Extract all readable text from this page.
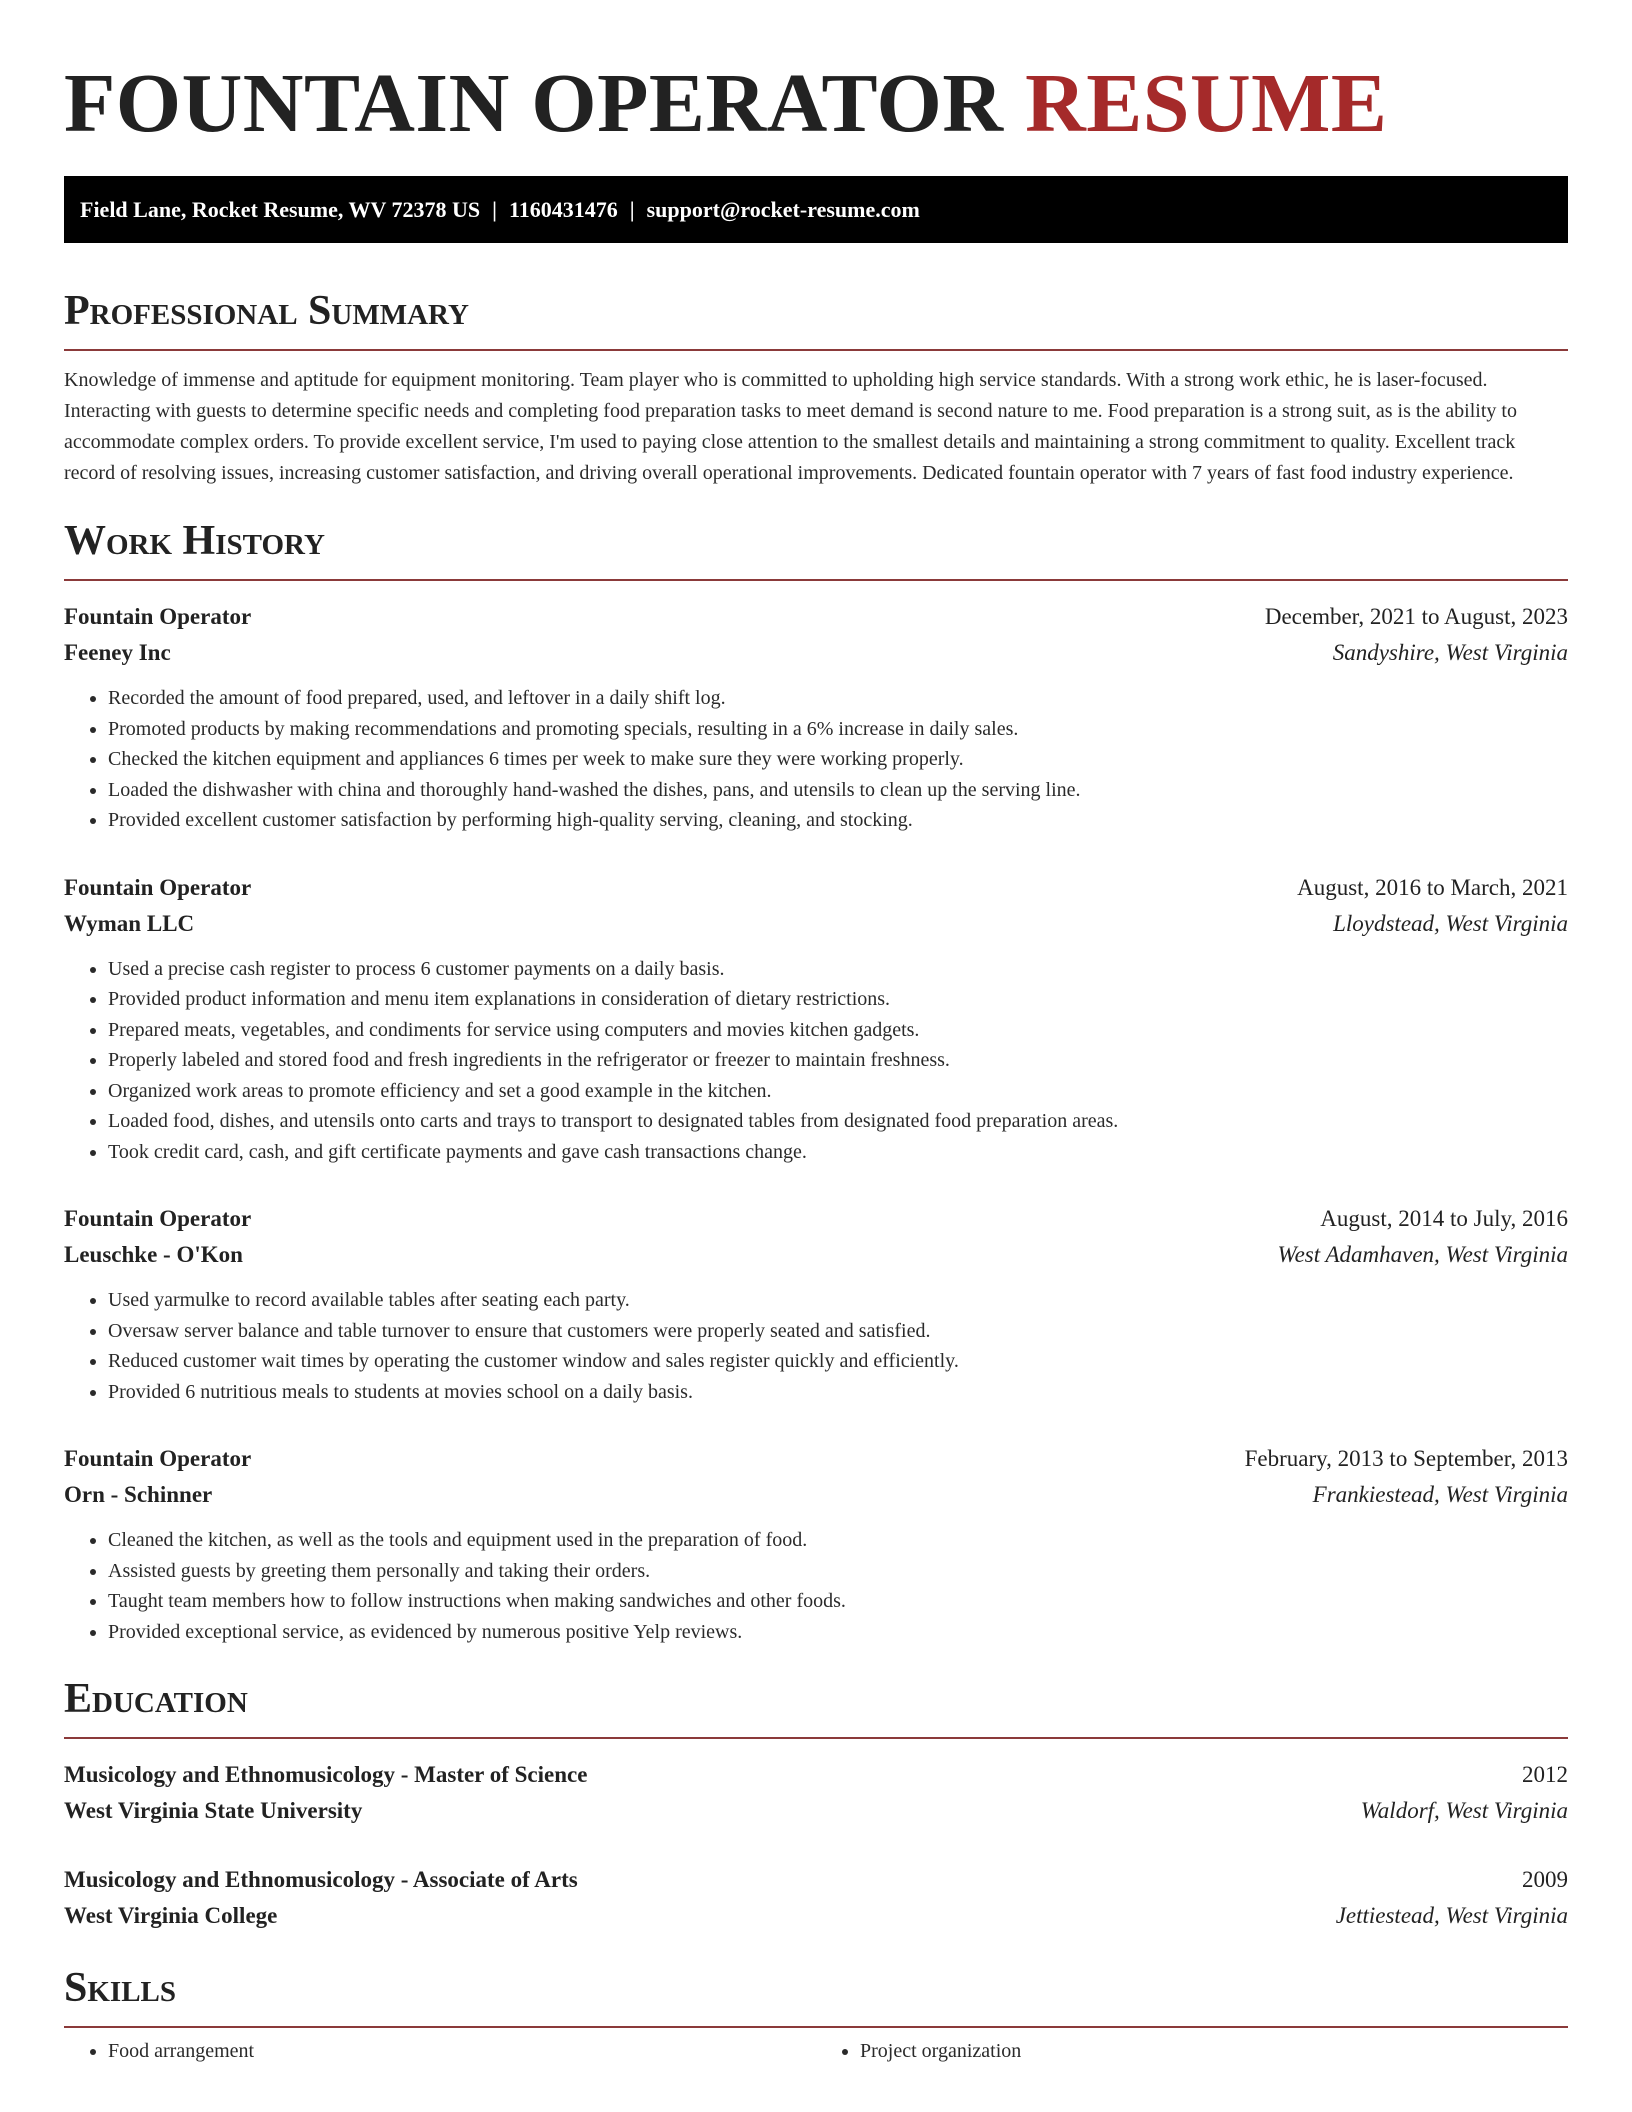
FOUNTAIN OPERATOR RESUME
Field Lane, Rocket Resume, WV 72378 US | 1160431476 | support@rocket-resume.com
Professional Summary

Knowledge of immense and aptitude for equipment monitoring. Team player who is committed to upholding high service standards. With a strong work ethic, he is laser-focused. Interacting with guests to determine specific needs and completing food preparation tasks to meet demand is second nature to me. Food preparation is a strong suit, as is the ability to accommodate complex orders. To provide excellent service, I'm used to paying close attention to the smallest details and maintaining a strong commitment to quality. Excellent track record of resolving issues, increasing customer satisfaction, and driving overall operational improvements. Dedicated fountain operator with 7 years of fast food industry experience.

Work History
Fountain Operator	December, 2021 to August, 2023
Feeney Inc	Sandyshire, West Virginia
• Recorded the amount of food prepared, used, and leftover in a daily shift log.
• Promoted products by making recommendations and promoting specials, resulting in a 6% increase in daily sales.
• Checked the kitchen equipment and appliances 6 times per week to make sure they were working properly.
• Loaded the dishwasher with china and thoroughly hand-washed the dishes, pans, and utensils to clean up the serving line.
• Provided excellent customer satisfaction by performing high-quality serving, cleaning, and stocking.
Fountain Operator	August, 2016 to March, 2021
Wyman LLC	Lloydstead, West Virginia
• Used a precise cash register to process 6 customer payments on a daily basis.
• Provided product information and menu item explanations in consideration of dietary restrictions.
• Prepared meats, vegetables, and condiments for service using computers and movies kitchen gadgets.
• Properly labeled and stored food and fresh ingredients in the refrigerator or freezer to maintain freshness.
• Organized work areas to promote efficiency and set a good example in the kitchen.
• Loaded food, dishes, and utensils onto carts and trays to transport to designated tables from designated food preparation areas.
• Took credit card, cash, and gift certificate payments and gave cash transactions change.
Fountain Operator	August, 2014 to July, 2016
Leuschke - O'Kon	West Adamhaven, West Virginia
• Used yarmulke to record available tables after seating each party.
• Oversaw server balance and table turnover to ensure that customers were properly seated and satisfied.
• Reduced customer wait times by operating the customer window and sales register quickly and efficiently.
• Provided 6 nutritious meals to students at movies school on a daily basis.
Fountain Operator	February, 2013 to September, 2013
Orn - Schinner	Frankiestead, West Virginia
• Cleaned the kitchen, as well as the tools and equipment used in the preparation of food.
• Assisted guests by greeting them personally and taking their orders.
• Taught team members how to follow instructions when making sandwiches and other foods.
• Provided exceptional service, as evidenced by numerous positive Yelp reviews.
Education
Musicology and Ethnomusicology - Master of Science	2012
West Virginia State University	Waldorf, West Virginia
Musicology and Ethnomusicology - Associate of Arts	2009
West Virginia College	Jettiestead, West Virginia
Skills
• Food arrangement
•	Project organization
